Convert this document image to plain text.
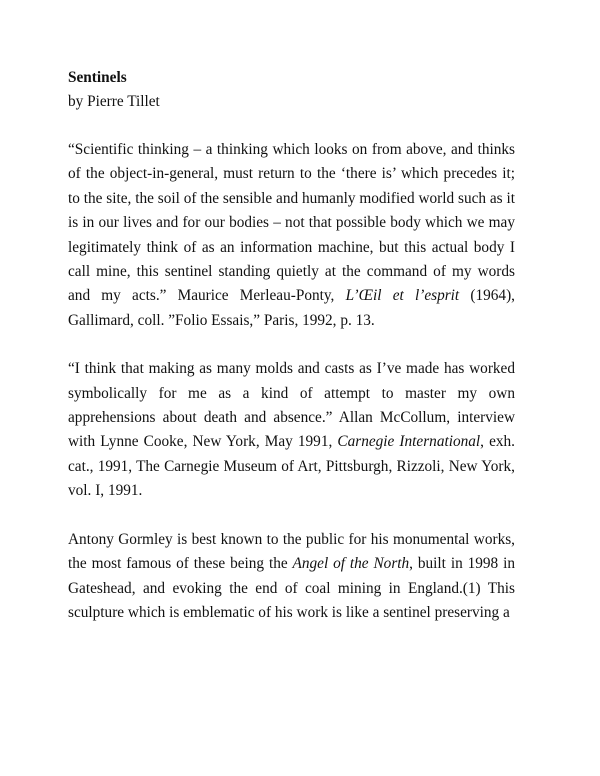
Sentinels

by Pierre Tillet

“Scientific thinking – a thinking which looks on from above, and thinks of the object-in-general, must return to the ‘there is’ which precedes it; to the site, the soil of the sensible and humanly modified world such as it is in our lives and for our bodies – not that possible body which we may legitimately think of as an information machine, but this actual body I call mine, this sentinel standing quietly at the command of my words and my acts.” Maurice Merleau-Ponty, L’Œil et l’esprit (1964), Gallimard, coll. ”Folio Essais,” Paris, 1992, p. 13.

“I think that making as many molds and casts as I’ve made has worked symbolically for me as a kind of attempt to master my own apprehensions about death and absence.” Allan McCollum, interview with Lynne Cooke, New York, May 1991, Carnegie International, exh. cat., 1991, The Carnegie Museum of Art, Pittsburgh, Rizzoli, New York, vol. I, 1991.

Antony Gormley is best known to the public for his monumental works, the most famous of these being the Angel of the North, built in 1998 in Gateshead, and evoking the end of coal mining in England.(1) This sculpture which is emblematic of his work is like a sentinel preserving a
